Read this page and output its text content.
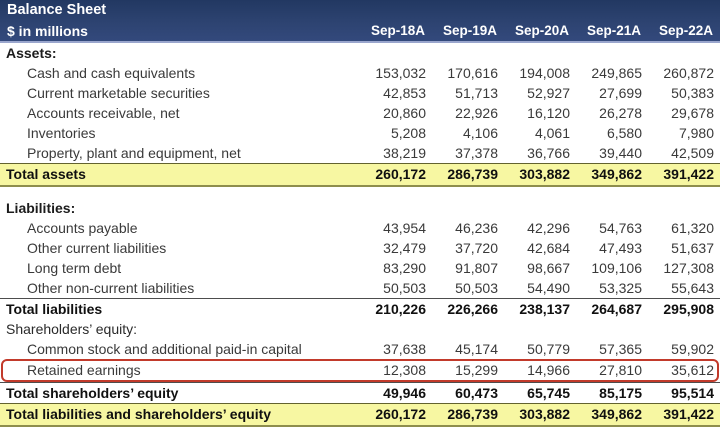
Balance Sheet
$ in millions	Sep-18A	Sep-19A	Sep-20A	Sep-21A	Sep-22A
Assets:
Cash and cash equivalents	153,032	170,616	194,008	249,865	260,872
Current marketable securities	42,853	51,713	52,927	27,699	50,383
Accounts receivable, net	20,860	22,926	16,120	26,278	29,678
Inventories	5,208	4,106	4,061	6,580	7,980
Property, plant and equipment, net	38,219	37,378	36,766	39,440	42,509
Total assets	260,172	286,739	303,882	349,862	391,422
Liabilities:
Accounts payable	43,954	46,236	42,296	54,763	61,320
Other current liabilities	32,479	37,720	42,684	47,493	51,637
Long term debt	83,290	91,807	98,667	109,106	127,308
Other non-current liabilities	50,503	50,503	54,490	53,325	55,643
Total liabilities	210,226	226,266	238,137	264,687	295,908
Shareholders’ equity:
Common stock and additional paid-in capital	37,638	45,174	50,779	57,365	59,902
Retained earnings	12,308	15,299	14,966	27,810	35,612
Total shareholders’ equity	49,946	60,473	65,745	85,175	95,514
Total liabilities and shareholders’ equity	260,172	286,739	303,882	349,862	391,422
